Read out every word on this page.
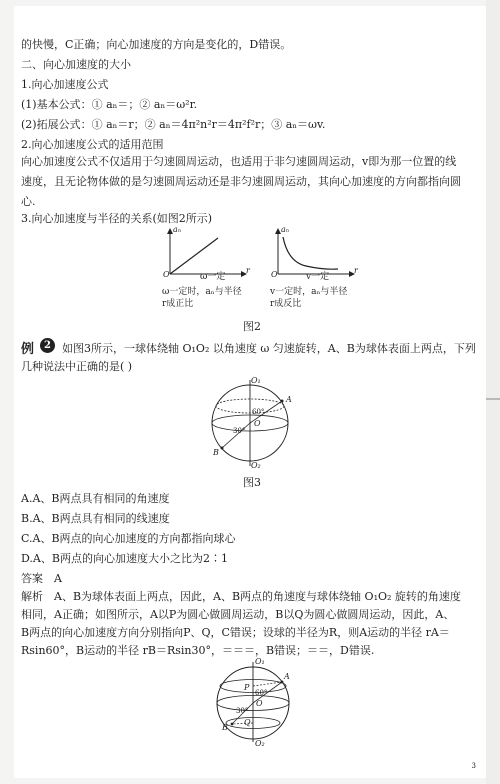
的快慢，C正确；向心加速度的方向是变化的，D错误。
二、向心加速度的大小
1.向心加速度公式
(1)基本公式：① aₙ＝；② aₙ＝ω²r.
(2)拓展公式：① aₙ＝r；② aₙ＝4π²n²r＝4π²f²r；③ aₙ＝ωv.
2.向心加速度公式的适用范围
向心加速度公式不仅适用于匀速圆周运动，也适用于非匀速圆周运动，v即为那一位置的线速度，且无论物体做的是匀速圆周运动还是非匀速圆周运动，其向心加速度的方向都指向圆心.
3.向心加速度与半径的关系(如图2所示)
aₙ
O	r
ω一定
ω一定时，aₙ与半径
r成正比
aₙ
O	r
v一定
v一定时，aₙ与半径
r成反比
图2
例	2	如图3所示，一球体绕轴 O₁O₂ 以角速度 ω 匀速旋转，A、B为球体表面上两点，下列
几种说法中正确的是( )
O₁
O₂
O
A
B
60°
30°
图3
A.A、B两点具有相同的角速度
B.A、B两点具有相同的线速度
C.A、B两点的向心加速度的方向都指向球心
D.A、B两点的向心加速度大小之比为2∶1
答案　A
解析　A、B为球体表面上两点，因此，A、B两点的角速度与球体绕轴 O₁O₂ 旋转的角速度相同，A正确；如图所示，A以P为圆心做圆周运动，B以Q为圆心做圆周运动，因此，A、B两点的向心加速度方向分别指向P、Q，C错误；设球的半径为R，则A运动的半径 rA＝Rsin60°，B运动的半径 rB＝Rsin30°，＝＝＝，B错误；＝＝，D错误.
O₁
O₂
O
A
B
P
Q
60°
30°
3
